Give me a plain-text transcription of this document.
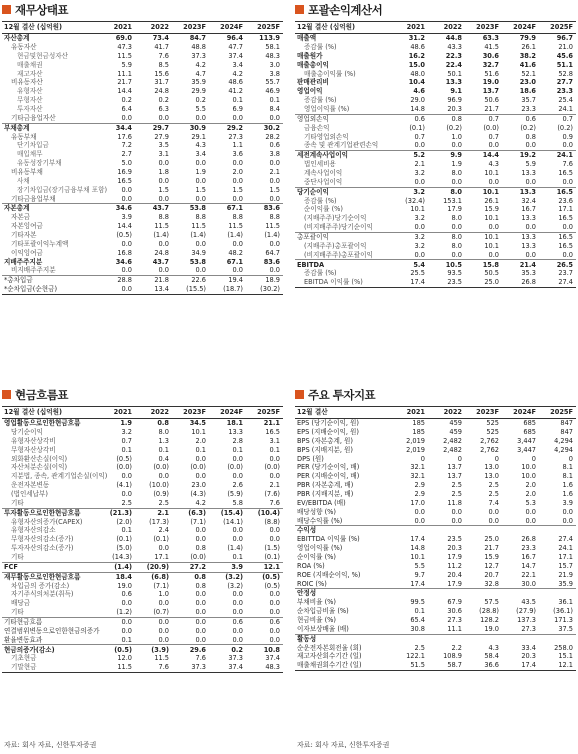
재무상태표
12월 결산 (십억원)	2021	2022	2023F	2024F	2025F
자산총계	69.0	73.4	84.7	96.4	113.9
유동자산	47.3	41.7	48.8	47.7	58.1
현금및현금성자산	11.5	7.6	37.3	37.4	48.3
매출채권	5.9	8.5	4.2	3.4	3.0
재고자산	11.1	15.6	4.7	4.2	3.8
비유동자산	21.7	31.7	35.9	48.6	55.7
유형자산	14.4	24.8	29.9	41.2	46.9
무형자산	0.2	0.2	0.2	0.1	0.1
투자자산	6.4	6.3	5.5	6.9	8.4
기타금융업자산	0.0	0.0	0.0	0.0	0.0
부채총계	34.4	29.7	30.9	29.2	30.2
유동부채	17.6	27.9	29.1	27.3	28.2
단기차입금	7.2	3.5	4.3	1.1	0.6
매입채무	2.7	3.1	3.4	3.6	3.8
유동성장기부채	5.0	0.0	0.0	0.0	0.0
비유동부채	16.9	1.8	1.9	2.0	2.1
사채	16.5	0.0	0.0	0.0	0.0
장기차입금(장기금융부채 포함)	0.0	1.5	1.5	1.5	1.5
기타금융업부채	0.0	0.0	0.0	0.0	0.0
자본총계	34.6	43.7	53.8	67.1	83.6
자본금	3.9	8.8	8.8	8.8	8.8
자본잉여금	14.4	11.5	11.5	11.5	11.5
기타자본	(0.5)	(1.4)	(1.4)	(1.4)	(1.4)
기타포괄이익누계액	0.0	0.0	0.0	0.0	0.0
이익잉여금	16.8	24.8	34.9	48.2	64.7
지배주주지분	34.6	43.7	53.8	67.1	83.6
비지배주주지분	0.0	0.0	0.0	0.0	0.0
*총차입금	28.8	21.8	22.6	19.4	18.9
*순차입금(순현금)	0.0	13.4	(15.5)	(18.7)	(30.2)
포괄손익계산서
12월 결산 (십억원)	2021	2022	2023F	2024F	2025F
매출액	31.2	44.8	63.3	79.9	96.7
증감률 (%)	48.6	43.3	41.5	26.1	21.0
매출원가	16.2	22.3	30.6	38.2	45.6
매출총이익	15.0	22.4	32.7	41.6	51.1
매출총이익률 (%)	48.0	50.1	51.6	52.1	52.8
판매관리비	10.4	13.3	19.0	23.0	27.7
영업이익	4.6	9.1	13.7	18.6	23.3
증감률 (%)	29.0	96.9	50.6	35.7	25.4
영업이익률 (%)	14.8	20.3	21.7	23.3	24.1
영업외손익	0.6	0.8	0.7	0.6	0.7
금융손익	(0.1)	(0.2)	(0.0)	(0.2)	(0.2)
기타영업외손익	0.7	1.0	0.7	0.8	0.9
종속 및 관계기업관련손익	0.0	0.0	0.0	0.0	0.0
세전계속사업이익	5.2	9.9	14.4	19.2	24.1
법인세비용	2.1	1.9	4.3	5.9	7.6
계속사업이익	3.2	8.0	10.1	13.3	16.5
중단사업이익	0.0	0.0	0.0	0.0	0.0
당기순이익	3.2	8.0	10.1	13.3	16.5
증감률 (%)	(32.4)	153.1	26.1	32.4	23.6
순이익률 (%)	10.1	17.9	15.9	16.7	17.1
(지배주주)당기순이익	3.2	8.0	10.1	13.3	16.5
(비지배주주)당기순이익	0.0	0.0	0.0	0.0	0.0
총포괄이익	3.2	8.0	10.1	13.3	16.5
(지배주주)총포괄이익	3.2	8.0	10.1	13.3	16.5
(비지배주주)총포괄이익	0.0	0.0	0.0	0.0	0.0
EBITDA	5.4	10.5	15.8	21.4	26.5
증감률 (%)	25.5	93.5	50.5	35.3	23.7
EBITDA 이익률 (%)	17.4	23.5	25.0	26.8	27.4
현금흐름표
12월 결산 (십억원)	2021	2022	2023F	2024F	2025F
영업활동으로인한현금흐름	1.9	0.8	34.5	18.1	21.1
당기순이익	3.2	8.0	10.1	13.3	16.5
유형자산상각비	0.7	1.3	2.0	2.8	3.1
무형자산상각비	0.1	0.1	0.1	0.1	0.1
외화환산손실(이익)	(0.5)	0.4	0.0	0.0	0.0
자산처분손실(이익)	(0.0)	(0.0)	(0.0)	(0.0)	(0.0)
지분법, 종속, 관계기업손실(이익)	0.0	0.0	0.0	0.0	0.0
운전자본변동	(4.1)	(10.0)	23.0	2.6	2.1
(법인세납부)	0.0	(0.9)	(4.3)	(5.9)	(7.6)
기타	2.5	2.5	4.2	5.8	7.6
투자활동으로인한현금흐름	(21.3)	2.1	(6.3)	(15.4)	(10.4)
유형자산의증가(CAPEX)	(2.0)	(17.3)	(7.1)	(14.1)	(8.8)
유형자산의감소	0.1	2.4	0.0	0.0	0.0
무형자산의감소(증가)	(0.1)	(0.1)	0.0	0.0	0.0
투자자산의감소(증가)	(5.0)	0.0	0.8	(1.4)	(1.5)
기타	(14.3)	17.1	(0.0)	0.1	(0.1)
FCF	(1.4)	(20.9)	27.2	3.9	12.1
재무활동으로인한현금흐름	18.4	(6.8)	0.8	(3.2)	(0.5)
차입금의 증가(감소)	19.0	(7.1)	0.8	(3.2)	(0.5)
자기주식의처분(취득)	0.6	1.0	0.0	0.0	0.0
배당금	0.0	0.0	0.0	0.0	0.0
기타	(1.2)	(0.7)	0.0	0.0	0.0
기타현금흐름	0.0	0.0	0.0	0.6	0.6
연결범위변동으로인한현금의증가	0.0	0.0	0.0	0.0	0.0
환율변동효과	0.1	0.0	0.0	0.0	0.0
현금의증가(감소)	(0.5)	(3.9)	29.6	0.2	10.8
기초현금	12.0	11.5	7.6	37.3	37.4
기말현금	11.5	7.6	37.3	37.4	48.3
주요 투자지표
12월 결산	2021	2022	2023F	2024F	2025F
EPS (당기순이익, 원)	185	459	525	685	847
EPS (지배순이익, 원)	185	459	525	685	847
BPS (자본총계, 원)	2,019	2,482	2,762	3,447	4,294
BPS (지배지분, 원)	2,019	2,482	2,762	3,447	4,294
DPS (원)	0	0	0	0	0
PER (당기순이익, 배)	32.1	13.7	13.0	10.0	8.1
PER (지배순이익, 배)	32.1	13.7	13.0	10.0	8.1
PBR (자본총계, 배)	2.9	2.5	2.5	2.0	1.6
PBR (지배지분, 배)	2.9	2.5	2.5	2.0	1.6
EV/EBITDA (배)	17.0	11.8	7.4	5.3	3.9
배당성향 (%)	0.0	0.0	0.0	0.0	0.0
배당수익률 (%)	0.0	0.0	0.0	0.0	0.0
수익성					
EBITTDA 이익률 (%)	17.4	23.5	25.0	26.8	27.4
영업이익률 (%)	14.8	20.3	21.7	23.3	24.1
순이익률 (%)	10.1	17.9	15.9	16.7	17.1
ROA (%)	5.5	11.2	12.7	14.7	15.7
ROE (지배순이익, %)	9.7	20.4	20.7	22.1	21.9
ROIC (%)	17.4	17.9	32.8	30.0	35.9
안정성					
부채비율 (%)	99.5	67.9	57.5	43.5	36.1
순차입금비율 (%)	0.1	30.6	(28.8)	(27.9)	(36.1)
현금비율 (%)	65.4	27.3	128.2	137.3	171.3
이자보상배율 (배)	30.8	11.1	19.0	27.3	37.5
활동성					
순운전자본회전율 (회)	2.5	2.2	4.3	33.4	258.0
재고자산회수기간 (일)	122.1	108.9	58.4	20.3	15.1
매출채권회수기간 (일)	51.5	58.7	36.6	17.4	12.1
자료: 회사 자료, 신한투자증권	자료: 회사 자료, 신한투자증권
